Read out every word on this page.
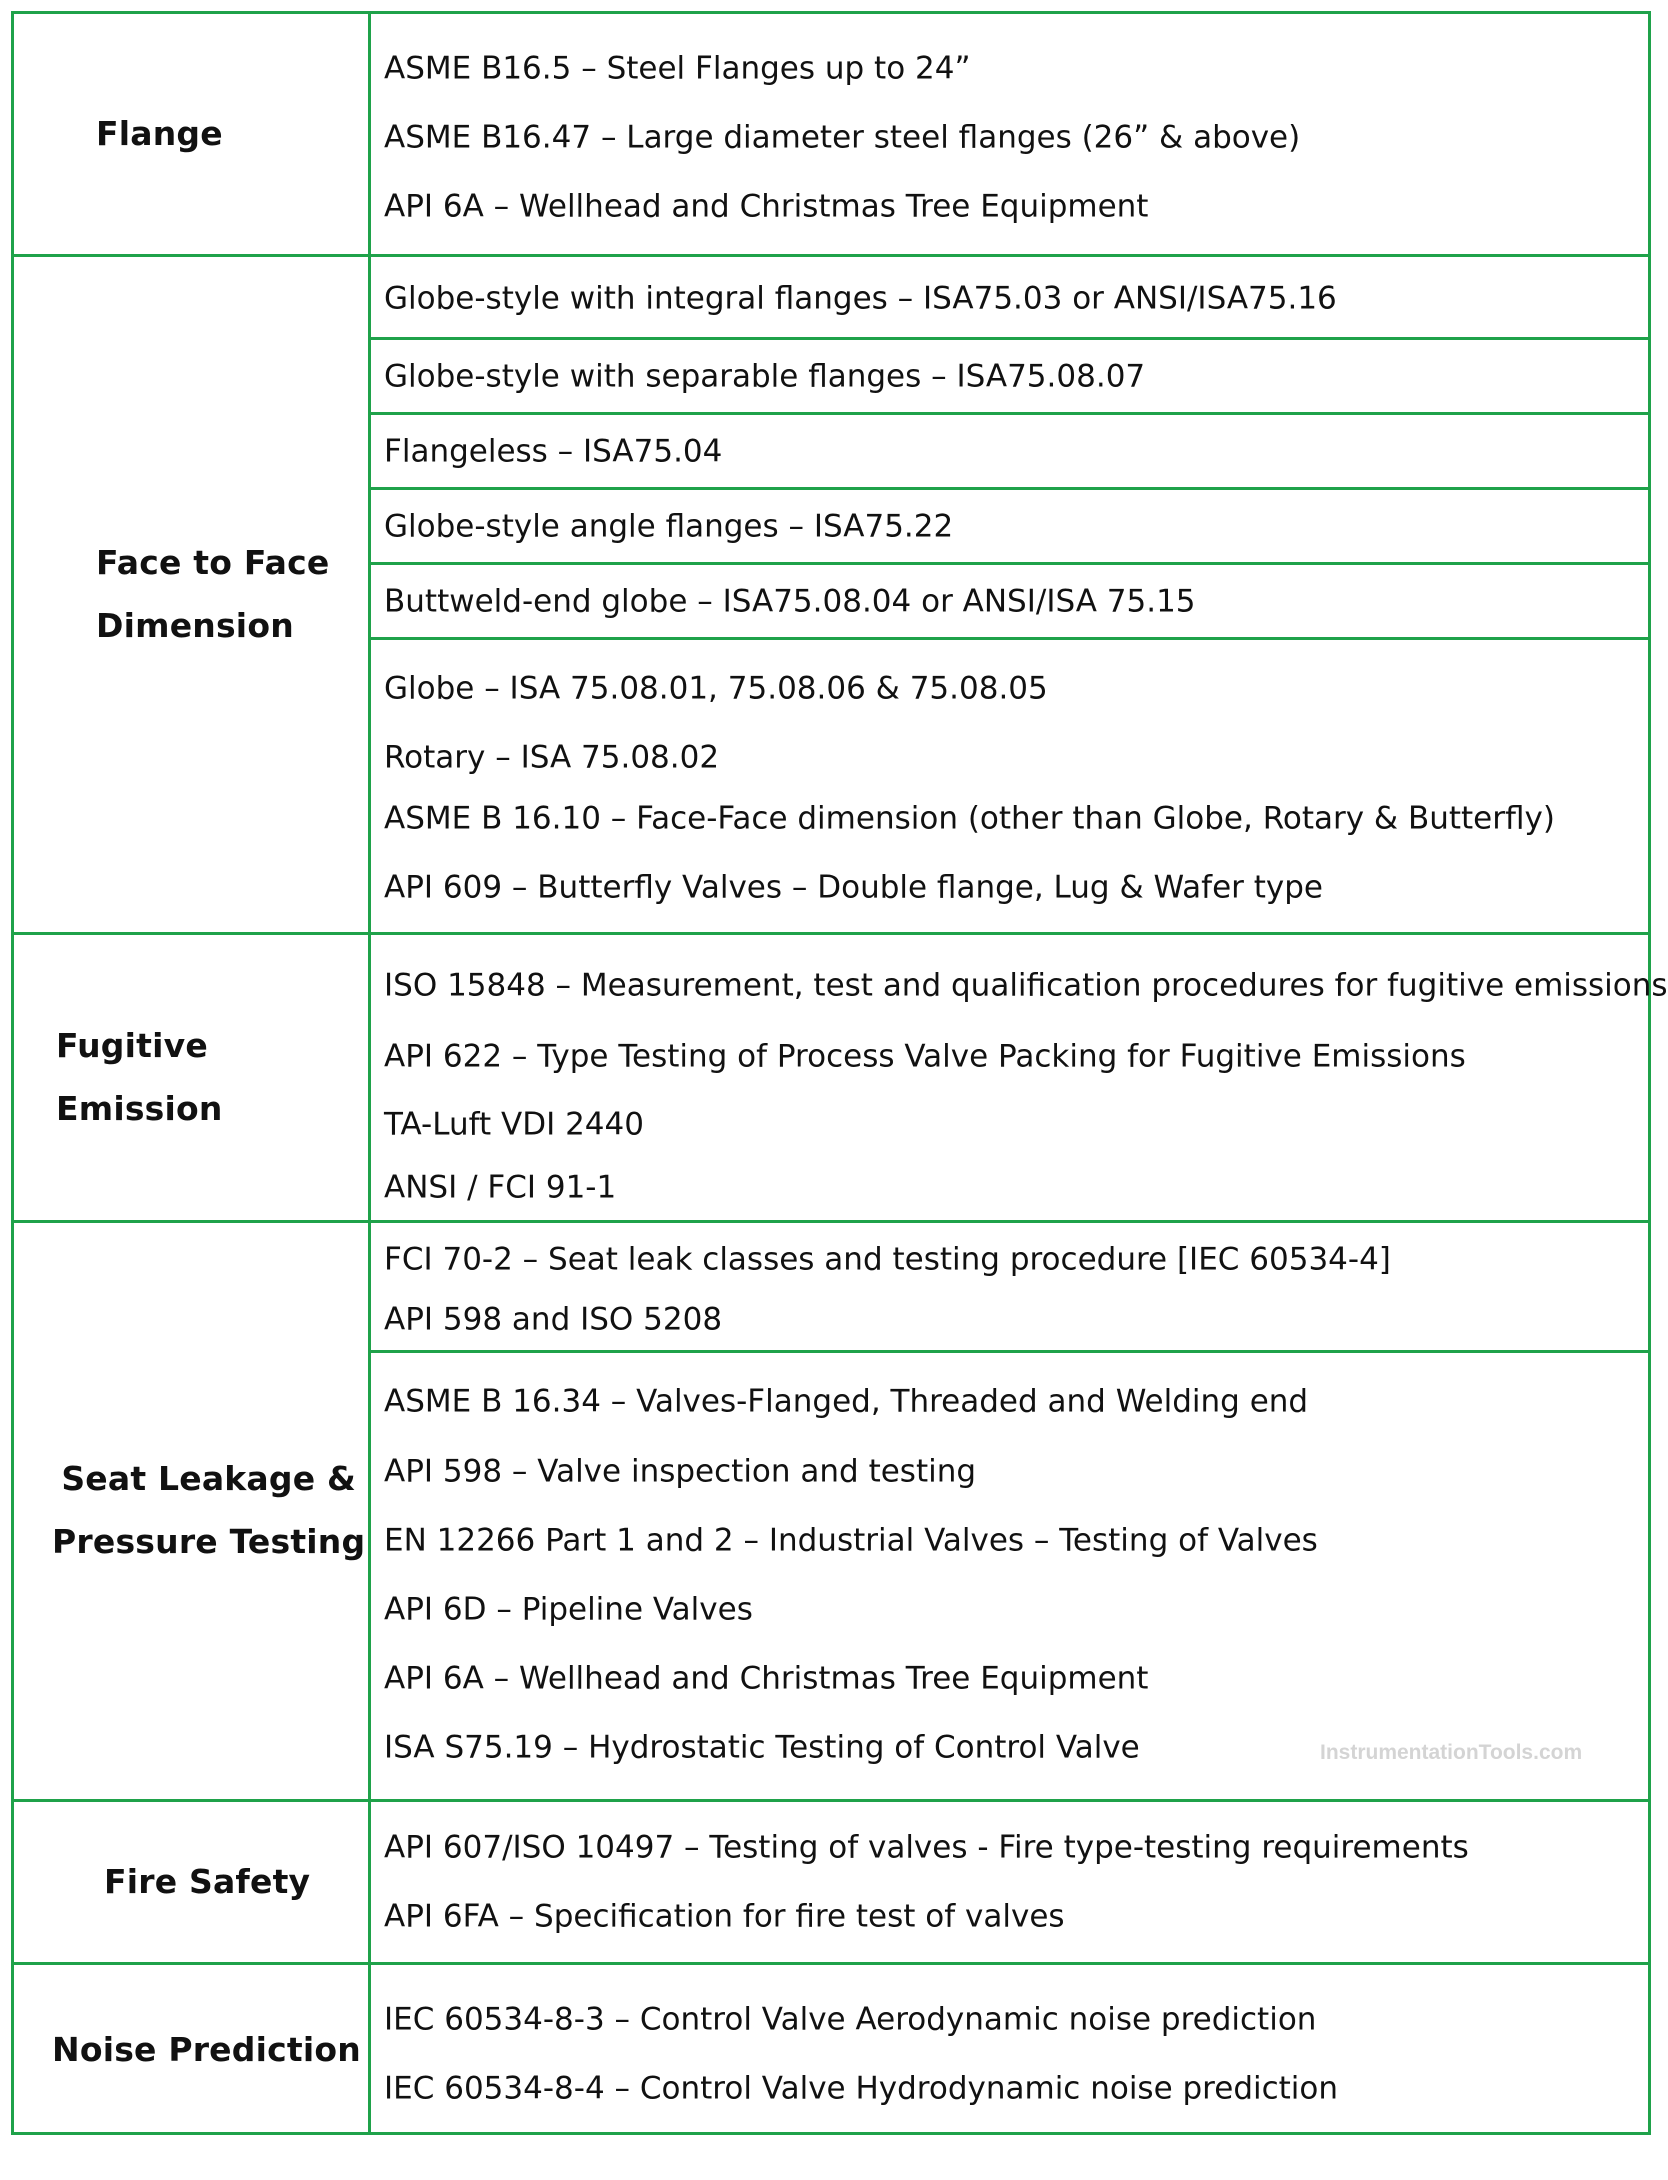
Flange
Face to Face
Dimension
Fugitive Emission
Seat Leakage &
Pressure Testing
Fire Safety
Noise Prediction
ASME B16.5 – Steel Flanges up to 24”
ASME B16.47 – Large diameter steel flanges (26” & above)
API 6A – Wellhead and Christmas Tree Equipment
Globe-style with integral flanges – ISA75.03 or ANSI/ISA75.16
Globe-style with separable flanges – ISA75.08.07
Flangeless – ISA75.04
Globe-style angle flanges – ISA75.22
Buttweld-end globe – ISA75.08.04 or ANSI/ISA 75.15
Globe – ISA 75.08.01, 75.08.06 & 75.08.05
Rotary – ISA 75.08.02
ASME B 16.10 – Face-Face dimension (other than Globe, Rotary & Butterfly)
API 609 – Butterfly Valves – Double flange, Lug & Wafer type
ISO 15848 – Measurement, test and qualification procedures for fugitive emissions
API 622 – Type Testing of Process Valve Packing for Fugitive Emissions
TA-Luft VDI 2440
ANSI / FCI 91-1
FCI 70-2 – Seat leak classes and testing procedure [IEC 60534-4]
API 598 and ISO 5208
ASME B 16.34 – Valves-Flanged, Threaded and Welding end
API 598 – Valve inspection and testing
EN 12266 Part 1 and 2 – Industrial Valves – Testing of Valves
API 6D – Pipeline Valves
API 6A – Wellhead and Christmas Tree Equipment
ISA S75.19 – Hydrostatic Testing of Control Valve
API 607/ISO 10497 – Testing of valves - Fire type-testing requirements
API 6FA – Specification for fire test of valves
IEC 60534-8-3 – Control Valve Aerodynamic noise prediction
IEC 60534-8-4 – Control Valve Hydrodynamic noise prediction
InstrumentationTools.com
